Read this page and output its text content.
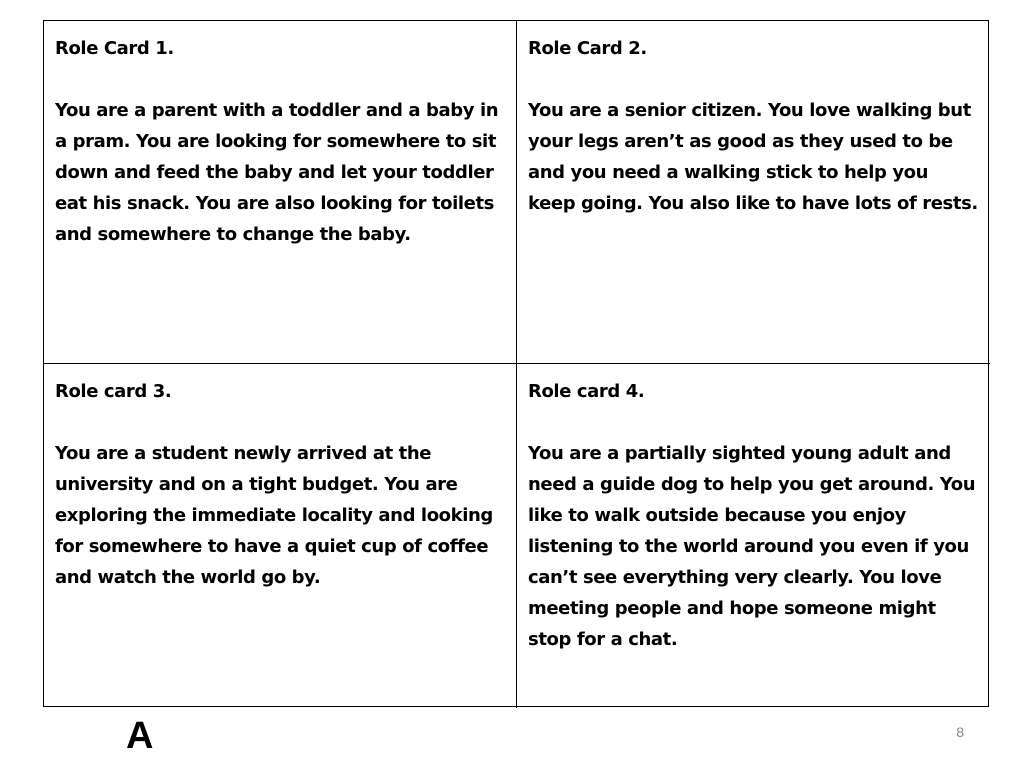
Role Card 1.

You are a parent with a toddler and a baby in a pram. You are looking for somewhere to sit down and feed the baby and let your toddler eat his snack. You are also looking for toilets and somewhere to change the baby.

Role Card 2.

You are a senior citizen. You love walking but your legs aren’t as good as they used to be and you need a walking stick to help you keep going. You also like to have lots of rests.

Role card 3.

You are a student newly arrived at the university and on a tight budget. You are exploring the immediate locality and looking for somewhere to have a quiet cup of coffee and watch the world go by.

Role card 4.

You are a partially sighted young adult and need a guide dog to help you get around. You like to walk outside because you enjoy listening to the world around you even if you can’t see everything very clearly. You love meeting people and hope someone might stop for a chat.

A	8
